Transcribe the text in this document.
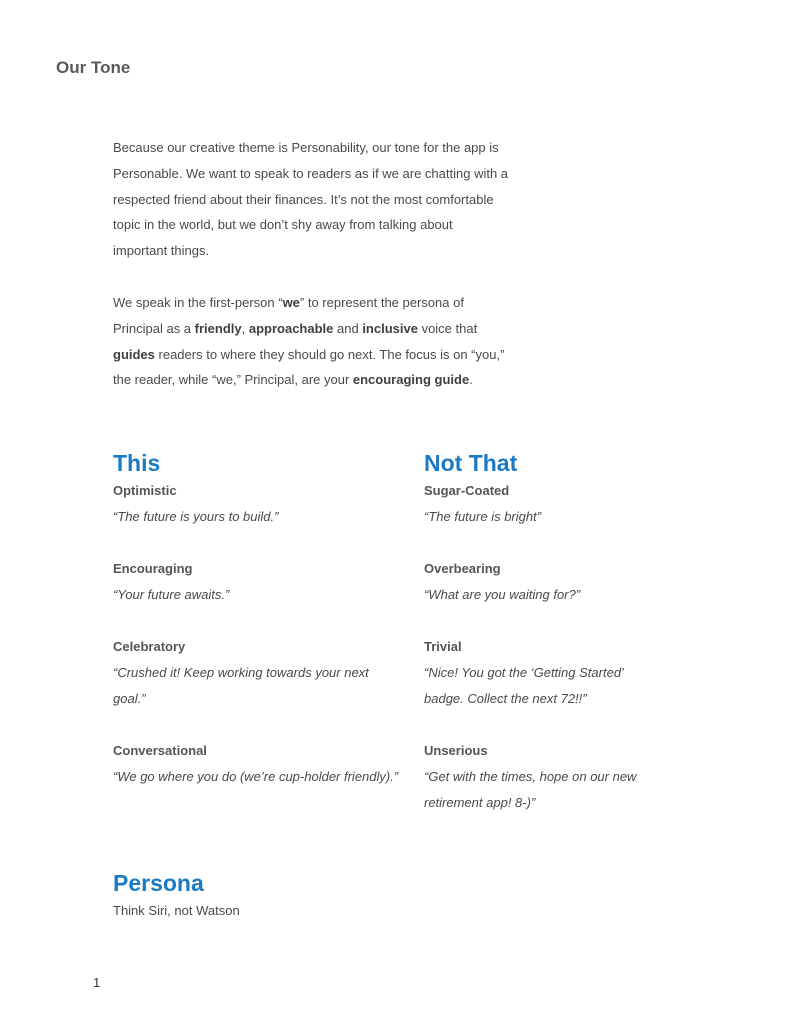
Our Tone

Because our creative theme is Personability, our tone for the app is
Personable. We want to speak to readers as if we are chatting with a
respected friend about their finances. It’s not the most comfortable
topic in the world, but we don’t shy away from talking about
important things.

We speak in the first-person “we” to represent the persona of
Principal as a friendly, approachable and inclusive voice that
guides readers to where they should go next. The focus is on “you,”
the reader, while “we,” Principal, are your encouraging guide.

This
Optimistic
“The future is yours to build.”
Encouraging
“Your future awaits.”
Celebratory
“Crushed it! Keep working towards your next goal.”
Conversational
“We go where you do (we’re cup-holder friendly).”
Not That
Sugar-Coated
“The future is bright”
Overbearing
“What are you waiting for?”
Trivial
“Nice! You got the ‘Getting Started’ badge. Collect the next 72!!”
Unserious
“Get with the times, hope on our new retirement app! 8-)”
Persona
Think Siri, not Watson
1
